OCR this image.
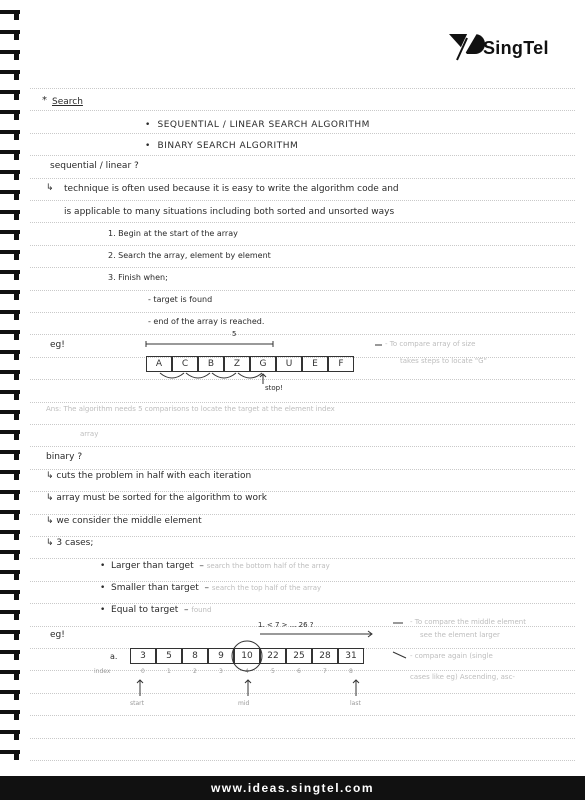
SingTel
* Search
•  SEQUENTIAL / LINEAR SEARCH ALGORITHM
•  BINARY SEARCH ALGORITHM
sequential / linear ?
↳ technique is often used because it is easy to write the algorithm code and
is applicable to many situations including both sorted and unsorted ways
1. Begin at the start of the array
2. Search the array, element by element
3. Finish when;
- target is found
- end of the array is reached.
eg!
5
A	C	B	Z	G	U	E	F
stop!
- To compare array of size
takes steps to locate "G"
Ans: The algorithm needs 5 comparisons to locate the target at the element index
array
binary ?
↳ cuts the problem in half with each iteration
↳ array must be sorted for the algorithm to work
↳ we consider the middle element
↳ 3 cases;
•  Larger than target  – search the bottom half of the array
•  Smaller than target  – search the top half of the array
•  Equal to target  – found
eg!
1. < 7 > ... 26 ?
a.	3	5	8	9	10	22	25	28	31
index	0	1	2	3	4	5	6	7	8
start	mid	last
- To compare the middle element
see the element larger
- compare again (single
cases like eg) Ascending, asc-
www.ideas.singtel.com
